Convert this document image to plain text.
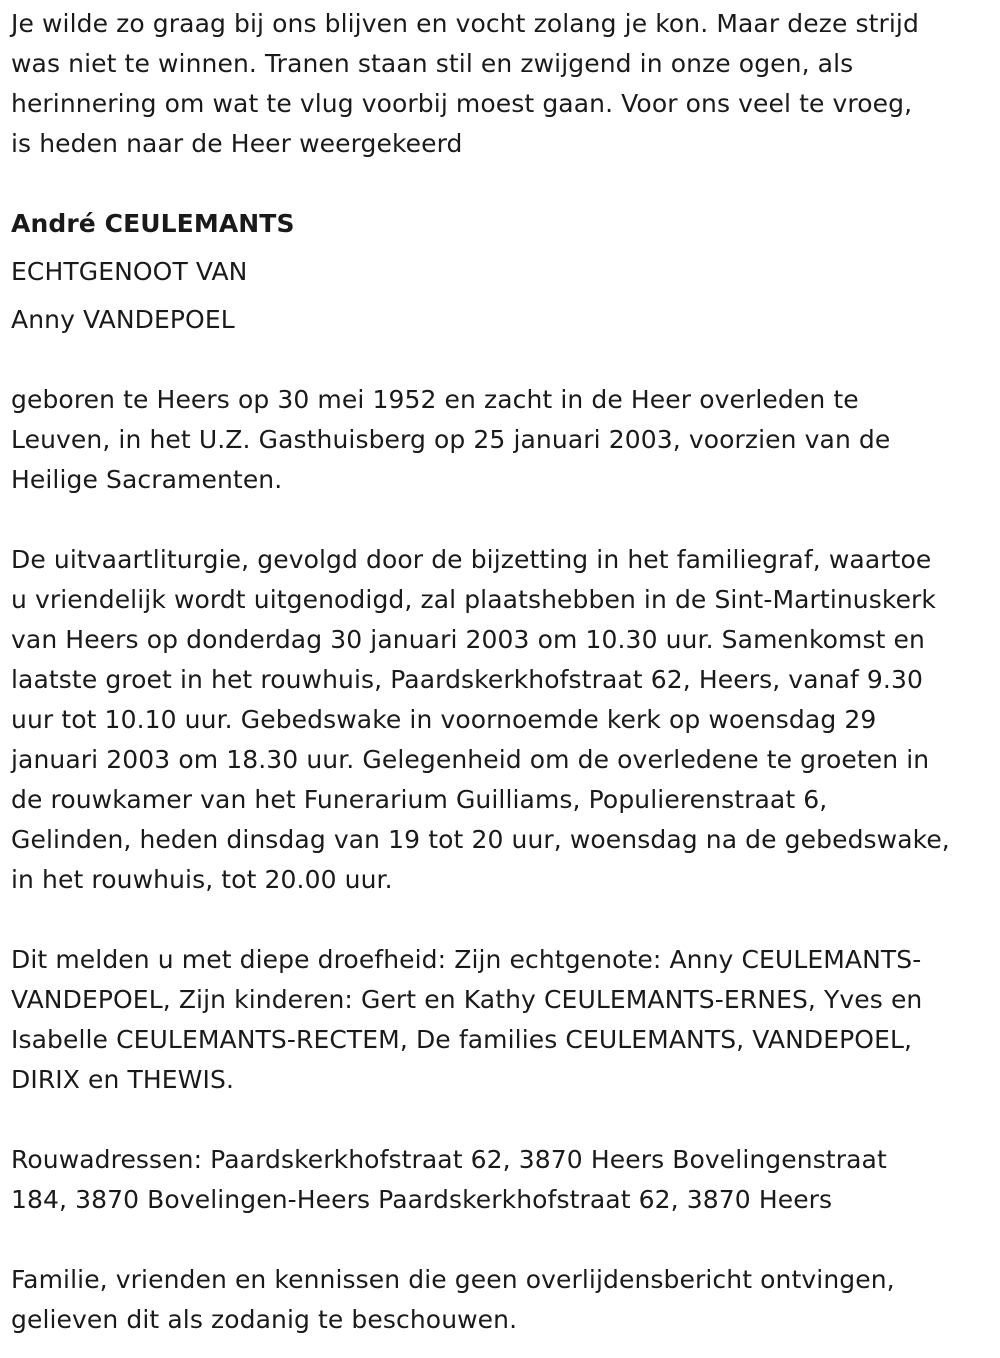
Je wilde zo graag bij ons blijven en vocht zolang je kon. Maar deze strijd
was niet te winnen. Tranen staan stil en zwijgend in onze ogen, als
herinnering om wat te vlug voorbij moest gaan. Voor ons veel te vroeg,
is heden naar de Heer weergekeerd

André CEULEMANTS
ECHTGENOOT VAN
Anny VANDEPOEL

geboren te Heers op 30 mei 1952 en zacht in de Heer overleden te
Leuven, in het U.Z. Gasthuisberg op 25 januari 2003, voorzien van de
Heilige Sacramenten.

De uitvaartliturgie, gevolgd door de bijzetting in het familiegraf, waartoe
u vriendelijk wordt uitgenodigd, zal plaatshebben in de Sint-Martinuskerk
van Heers op donderdag 30 januari 2003 om 10.30 uur. Samenkomst en
laatste groet in het rouwhuis, Paardskerkhofstraat 62, Heers, vanaf 9.30
uur tot 10.10 uur. Gebedswake in voornoemde kerk op woensdag 29
januari 2003 om 18.30 uur. Gelegenheid om de overledene te groeten in
de rouwkamer van het Funerarium Guilliams, Populierenstraat 6,
Gelinden, heden dinsdag van 19 tot 20 uur, woensdag na de gebedswake,
in het rouwhuis, tot 20.00 uur.

Dit melden u met diepe droefheid: Zijn echtgenote: Anny CEULEMANTS-
VANDEPOEL, Zijn kinderen: Gert en Kathy CEULEMANTS-ERNES, Yves en
Isabelle CEULEMANTS-RECTEM, De families CEULEMANTS, VANDEPOEL,
DIRIX en THEWIS.

Rouwadressen: Paardskerkhofstraat 62, 3870 Heers Bovelingenstraat
184, 3870 Bovelingen-Heers Paardskerkhofstraat 62, 3870 Heers

Familie, vrienden en kennissen die geen overlijdensbericht ontvingen,
gelieven dit als zodanig te beschouwen.
